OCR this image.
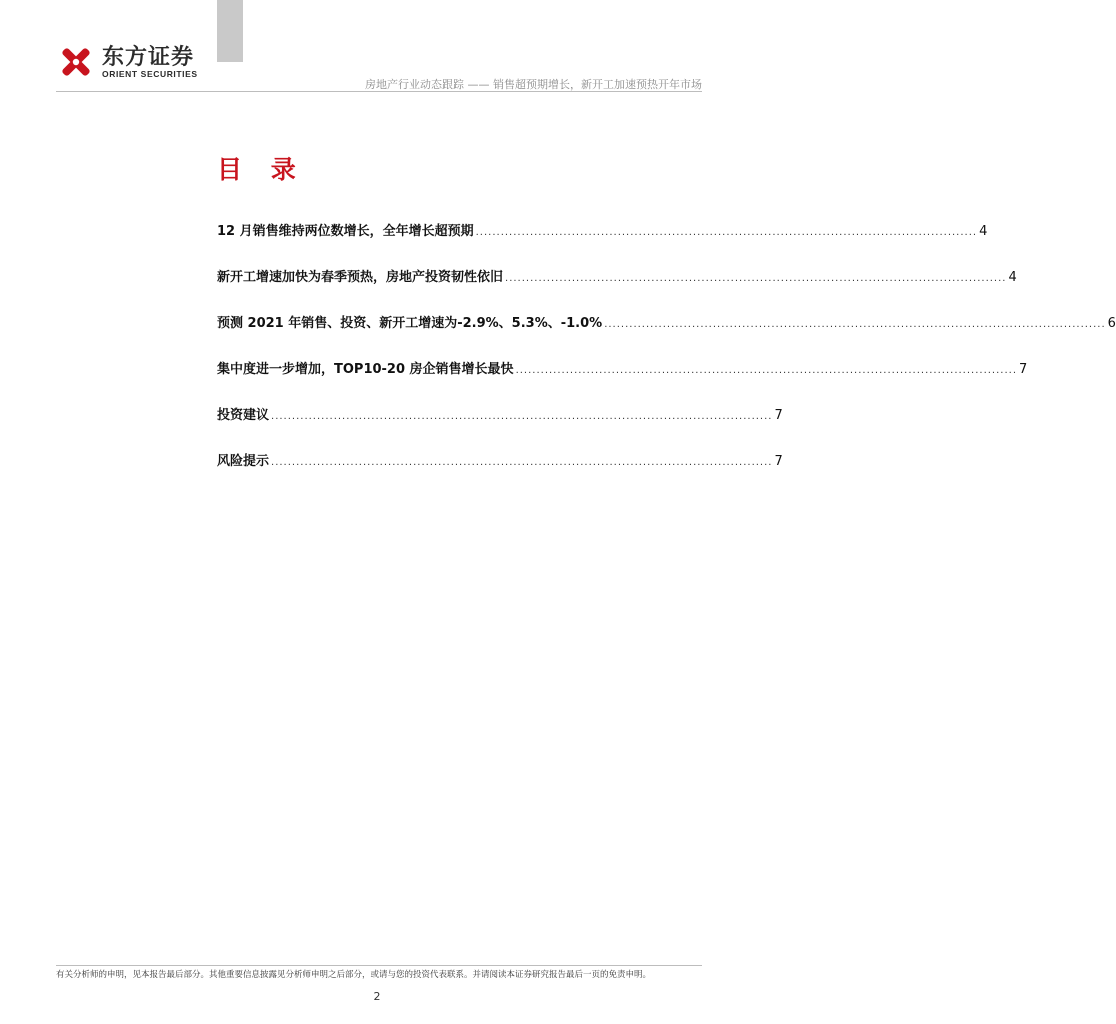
东方证券
ORIENT SECURITIES
房地产行业动态跟踪 —— 销售超预期增长，新开工加速预热开年市场
目 录
12 月销售维持两位数增长，全年增长超预期 ........................................................................................................................ 4
新开工增速加快为春季预热，房地产投资韧性依旧 ........................................................................................................................ 4
预测 2021 年销售、投资、新开工增速为-2.9%、5.3%、-1.0% ........................................................................................................................ 6
集中度进一步增加，TOP10-20 房企销售增长最快 ........................................................................................................................ 7
投资建议 ........................................................................................................................ 7
风险提示 ........................................................................................................................ 7
有关分析师的申明，见本报告最后部分。其他重要信息披露见分析师申明之后部分，或请与您的投资代表联系。并请阅读本证券研究报告最后一页的免责申明。
2
